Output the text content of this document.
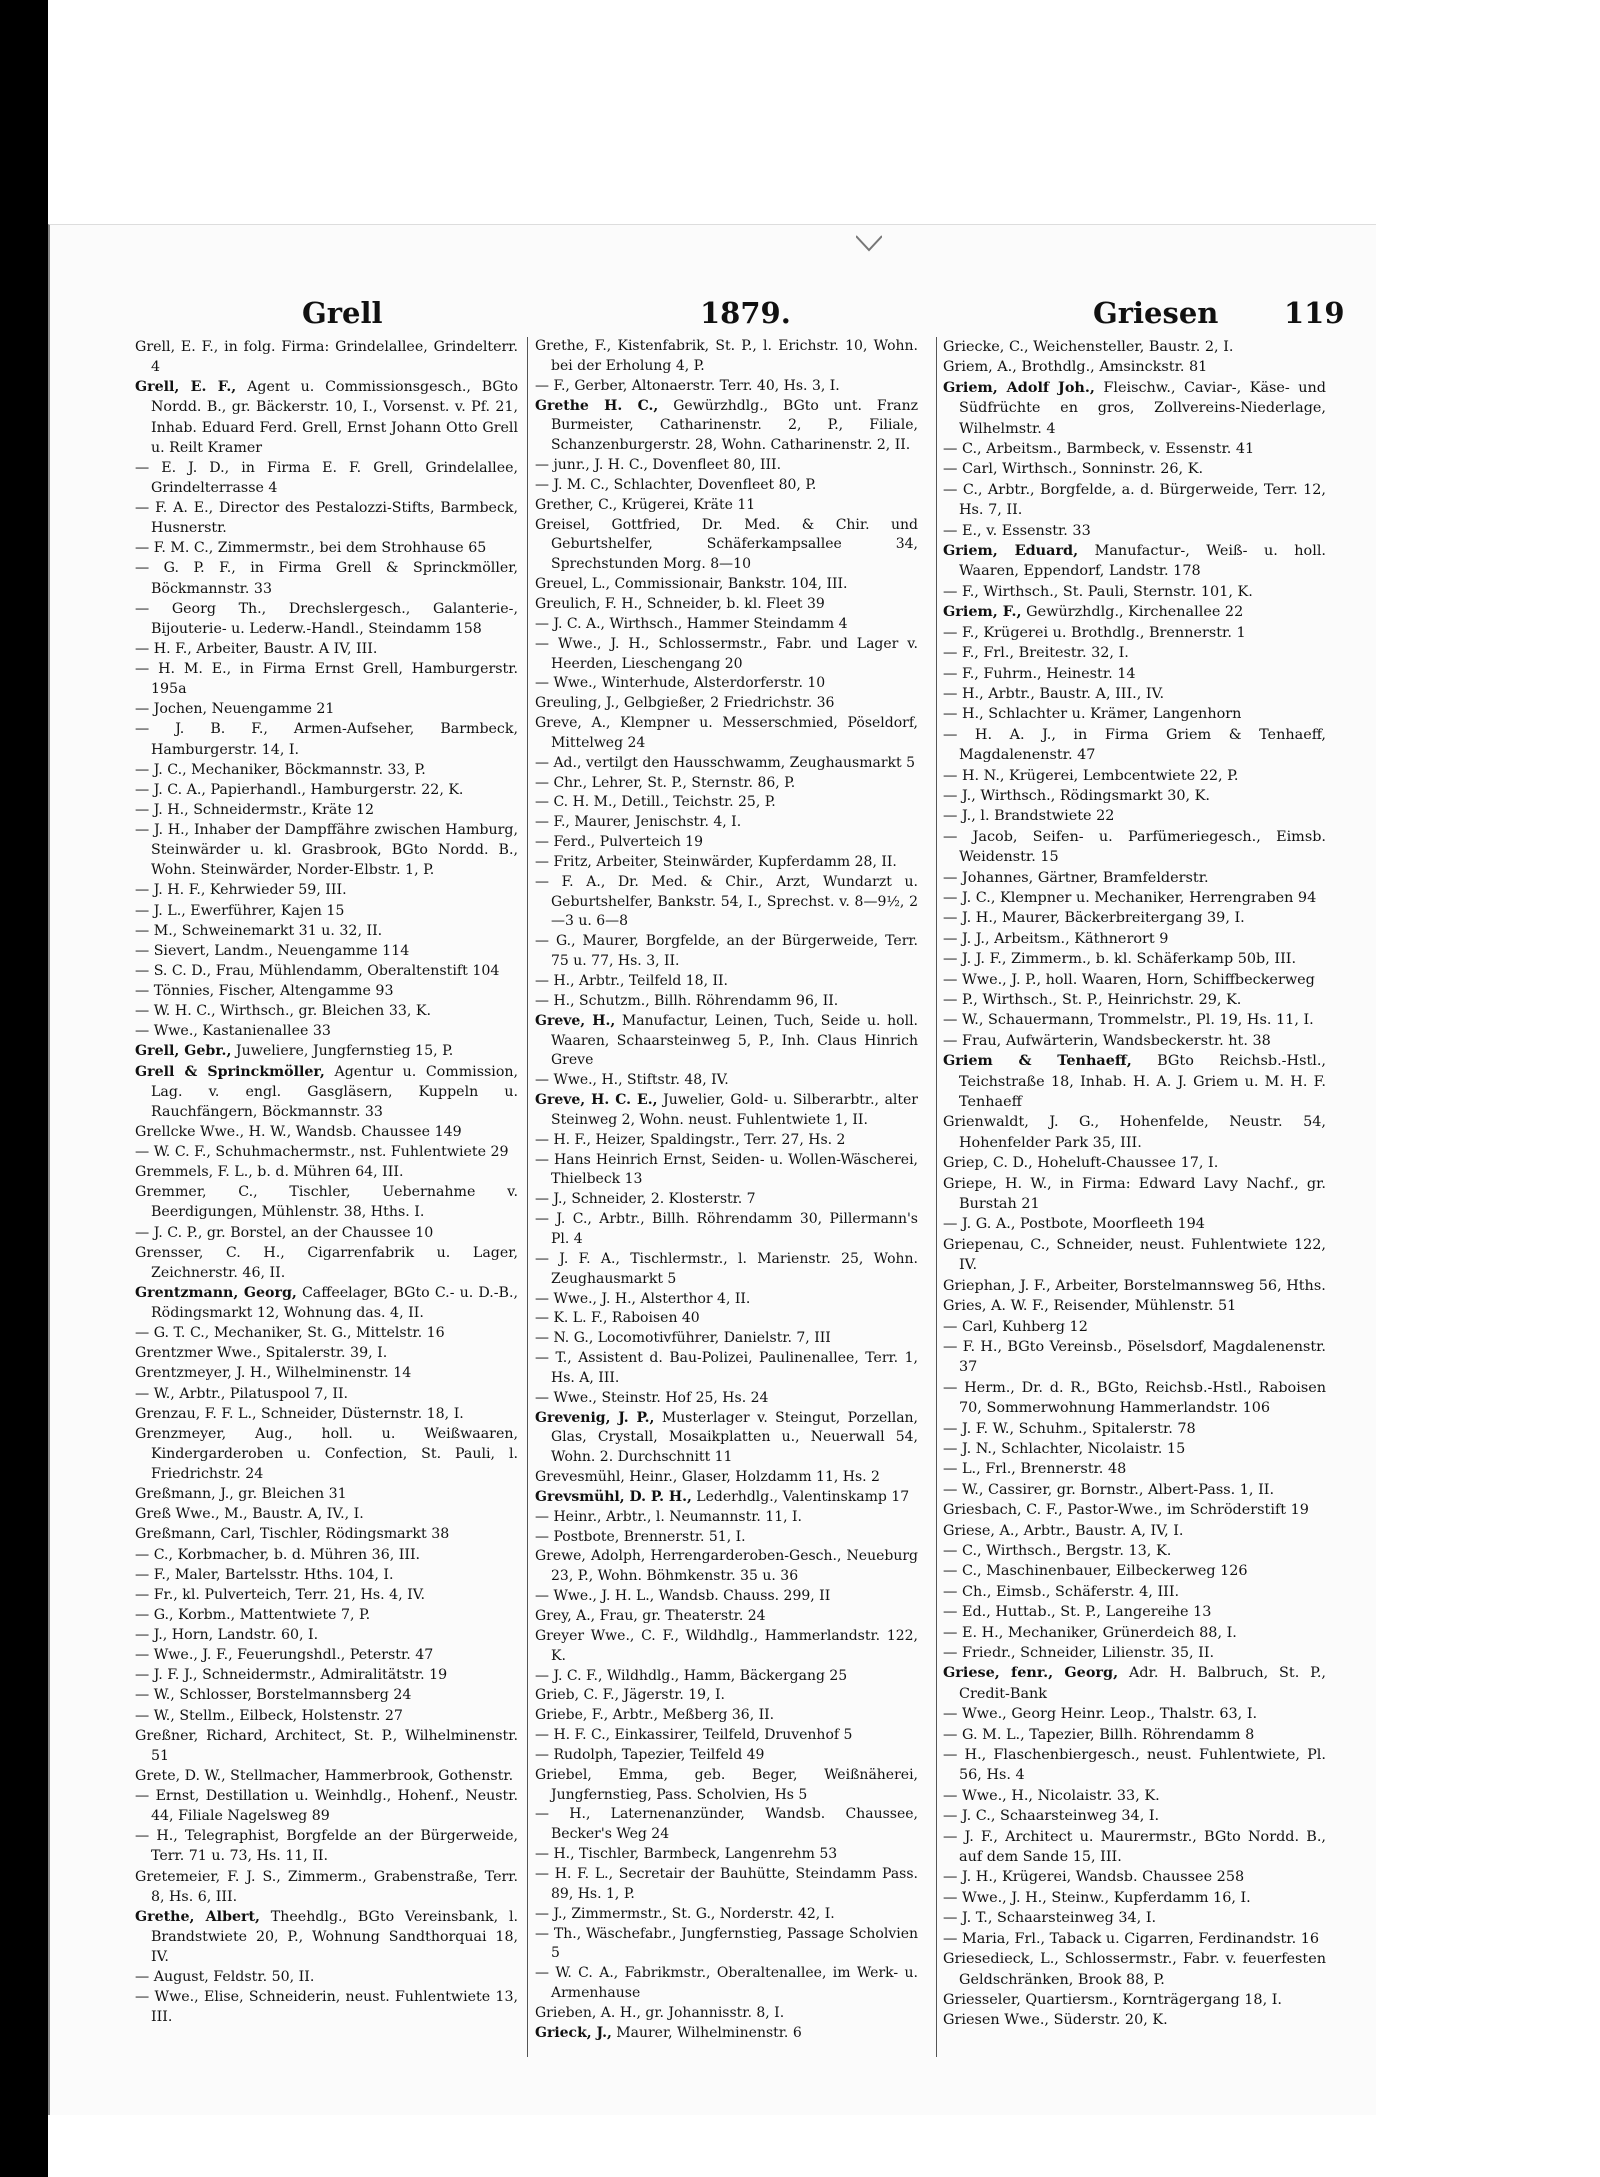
Grell	1879.	Griesen 119

Grell, E. F., in folg. Firma: Grindelallee, Grindelterr. 4

Grell, E. F., Agent u. Commissionsgesch., BGto Nordd. B., gr. Bäckerstr. 10, I., Vorsenst. v. Pf. 21, Inhab. Eduard Ferd. Grell, Ernst Johann Otto Grell u. Reilt Kramer

— E. J. D., in Firma E. F. Grell, Grindelallee, Grindelterrasse 4

— F. A. E., Director des Pestalozzi-Stifts, Barmbeck, Husnerstr.

— F. M. C., Zimmermstr., bei dem Strohhause 65

— G. P. F., in Firma Grell & Sprinckmöller, Böckmannstr. 33

— Georg Th., Drechslergesch., Galanterie-, Bijouterie- u. Lederw.-Handl., Steindamm 158

— H. F., Arbeiter, Baustr. A IV, III.

— H. M. E., in Firma Ernst Grell, Hamburgerstr. 195a

— Jochen, Neuengamme 21

— J. B. F., Armen-Aufseher, Barmbeck, Hamburgerstr. 14, I.

— J. C., Mechaniker, Böckmannstr. 33, P.

— J. C. A., Papierhandl., Hamburgerstr. 22, K.

— J. H., Schneidermstr., Kräte 12

— J. H., Inhaber der Dampffähre zwischen Hamburg, Steinwärder u. kl. Grasbrook, BGto Nordd. B., Wohn. Steinwärder, Norder-Elbstr. 1, P.

— J. H. F., Kehrwieder 59, III.

— J. L., Ewerführer, Kajen 15

— M., Schweinemarkt 31 u. 32, II.

— Sievert, Landm., Neuengamme 114

— S. C. D., Frau, Mühlendamm, Oberaltenstift 104

— Tönnies, Fischer, Altengamme 93

— W. H. C., Wirthsch., gr. Bleichen 33, K.

— Wwe., Kastanienallee 33

Grell, Gebr., Juweliere, Jungfernstieg 15, P.

Grell & Sprinckmöller, Agentur u. Commission, Lag. v. engl. Gasgläsern, Kuppeln u. Rauchfängern, Böckmannstr. 33

Grellcke Wwe., H. W., Wandsb. Chaussee 149

— W. C. F., Schuhmachermstr., nst. Fuhlentwiete 29

Gremmels, F. L., b. d. Mühren 64, III.

Gremmer, C., Tischler, Uebernahme v. Beerdigungen, Mühlenstr. 38, Hths. I.

— J. C. P., gr. Borstel, an der Chaussee 10

Grensser, C. H., Cigarrenfabrik u. Lager, Zeichnerstr. 46, II.

Grentzmann, Georg, Caffeelager, BGto C.- u. D.-B., Rödingsmarkt 12, Wohnung das. 4, II.

— G. T. C., Mechaniker, St. G., Mittelstr. 16

Grentzmer Wwe., Spitalerstr. 39, I.

Grentzmeyer, J. H., Wilhelminenstr. 14

— W., Arbtr., Pilatuspool 7, II.

Grenzau, F. F. L., Schneider, Düsternstr. 18, I.

Grenzmeyer, Aug., holl. u. Weißwaaren, Kindergarderoben u. Confection, St. Pauli, l. Friedrichstr. 24

Greßmann, J., gr. Bleichen 31

Greß Wwe., M., Baustr. A, IV., I.

Greßmann, Carl, Tischler, Rödingsmarkt 38

— C., Korbmacher, b. d. Mühren 36, III.

— F., Maler, Bartelsstr. Hths. 104, I.

— Fr., kl. Pulverteich, Terr. 21, Hs. 4, IV.

— G., Korbm., Mattentwiete 7, P.

— J., Horn, Landstr. 60, I.

— Wwe., J. F., Feuerungshdl., Peterstr. 47

— J. F. J., Schneidermstr., Admiralitätstr. 19

— W., Schlosser, Borstelmannsberg 24

— W., Stellm., Eilbeck, Holstenstr. 27

Greßner, Richard, Architect, St. P., Wilhelminenstr. 51

Grete, D. W., Stellmacher, Hammerbrook, Gothenstr.

— Ernst, Destillation u. Weinhdlg., Hohenf., Neustr. 44, Filiale Nagelsweg 89

— H., Telegraphist, Borgfelde an der Bürgerweide, Terr. 71 u. 73, Hs. 11, II.

Gretemeier, F. J. S., Zimmerm., Grabenstraße, Terr. 8, Hs. 6, III.

Grethe, Albert, Theehdlg., BGto Vereinsbank, l. Brandstwiete 20, P., Wohnung Sandthorquai 18, IV.

— August, Feldstr. 50, II.

— Wwe., Elise, Schneiderin, neust. Fuhlentwiete 13, III.

Grethe, F., Kistenfabrik, St. P., l. Erichstr. 10, Wohn. bei der Erholung 4, P.

— F., Gerber, Altonaerstr. Terr. 40, Hs. 3, I.

Grethe H. C., Gewürzhdlg., BGto unt. Franz Burmeister, Catharinenstr. 2, P., Filiale, Schanzenburgerstr. 28, Wohn. Catharinenstr. 2, II.

— junr., J. H. C., Dovenfleet 80, III.

— J. M. C., Schlachter, Dovenfleet 80, P.

Grether, C., Krügerei, Kräte 11

Greisel, Gottfried, Dr. Med. & Chir. und Geburtshelfer, Schäferkampsallee 34, Sprechstunden Morg. 8—10

Greuel, L., Commissionair, Bankstr. 104, III.

Greulich, F. H., Schneider, b. kl. Fleet 39

— J. C. A., Wirthsch., Hammer Steindamm 4

— Wwe., J. H., Schlossermstr., Fabr. und Lager v. Heerden, Lieschengang 20

— Wwe., Winterhude, Alsterdorferstr. 10

Greuling, J., Gelbgießer, 2 Friedrichstr. 36

Greve, A., Klempner u. Messerschmied, Pöseldorf, Mittelweg 24

— Ad., vertilgt den Hausschwamm, Zeughausmarkt 5

— Chr., Lehrer, St. P., Sternstr. 86, P.

— C. H. M., Detill., Teichstr. 25, P.

— F., Maurer, Jenischstr. 4, I.

— Ferd., Pulverteich 19

— Fritz, Arbeiter, Steinwärder, Kupferdamm 28, II.

— F. A., Dr. Med. & Chir., Arzt, Wundarzt u. Geburtshelfer, Bankstr. 54, I., Sprechst. v. 8—9½, 2—3 u. 6—8

— G., Maurer, Borgfelde, an der Bürgerweide, Terr. 75 u. 77, Hs. 3, II.

— H., Arbtr., Teilfeld 18, II.

— H., Schutzm., Billh. Röhrendamm 96, II.

Greve, H., Manufactur, Leinen, Tuch, Seide u. holl. Waaren, Schaarsteinweg 5, P., Inh. Claus Hinrich Greve

— Wwe., H., Stiftstr. 48, IV.

Greve, H. C. E., Juwelier, Gold- u. Silberarbtr., alter Steinweg 2, Wohn. neust. Fuhlentwiete 1, II.

— H. F., Heizer, Spaldingstr., Terr. 27, Hs. 2

— Hans Heinrich Ernst, Seiden- u. Wollen-Wäscherei, Thielbeck 13

— J., Schneider, 2. Klosterstr. 7

— J. C., Arbtr., Billh. Röhrendamm 30, Pillermann's Pl. 4

— J. F. A., Tischlermstr., l. Marienstr. 25, Wohn. Zeughausmarkt 5

— Wwe., J. H., Alsterthor 4, II.

— K. L. F., Raboisen 40

— N. G., Locomotivführer, Danielstr. 7, III

— T., Assistent d. Bau-Polizei, Paulinenallee, Terr. 1, Hs. A, III.

— Wwe., Steinstr. Hof 25, Hs. 24

Grevenig, J. P., Musterlager v. Steingut, Porzellan, Glas, Crystall, Mosaikplatten u., Neuerwall 54, Wohn. 2. Durchschnitt 11

Grevesmühl, Heinr., Glaser, Holzdamm 11, Hs. 2

Grevsmühl, D. P. H., Lederhdlg., Valentinskamp 17

— Heinr., Arbtr., l. Neumannstr. 11, I.

— Postbote, Brennerstr. 51, I.

Grewe, Adolph, Herrengarderoben-Gesch., Neueburg 23, P., Wohn. Böhmkenstr. 35 u. 36

— Wwe., J. H. L., Wandsb. Chauss. 299, II

Grey, A., Frau, gr. Theaterstr. 24

Greyer Wwe., C. F., Wildhdlg., Hammerlandstr. 122, K.

— J. C. F., Wildhdlg., Hamm, Bäckergang 25

Grieb, C. F., Jägerstr. 19, I.

Griebe, F., Arbtr., Meßberg 36, II.

— H. F. C., Einkassirer, Teilfeld, Druvenhof 5

— Rudolph, Tapezier, Teilfeld 49

Griebel, Emma, geb. Beger, Weißnäherei, Jungfernstieg, Pass. Scholvien, Hs 5

— H., Laternenanzünder, Wandsb. Chaussee, Becker's Weg 24

— H., Tischler, Barmbeck, Langenrehm 53

— H. F. L., Secretair der Bauhütte, Steindamm Pass. 89, Hs. 1, P.

— J., Zimmermstr., St. G., Norderstr. 42, I.

— Th., Wäschefabr., Jungfernstieg, Passage Scholvien 5

— W. C. A., Fabrikmstr., Oberaltenallee, im Werk- u. Armenhause

Grieben, A. H., gr. Johannisstr. 8, I.

Grieck, J., Maurer, Wilhelminenstr. 6

Griecke, C., Weichensteller, Baustr. 2, I.

Griem, A., Brothdlg., Amsinckstr. 81

Griem, Adolf Joh., Fleischw., Caviar-, Käse- und Südfrüchte en gros, Zollvereins-Niederlage, Wilhelmstr. 4

— C., Arbeitsm., Barmbeck, v. Essenstr. 41

— Carl, Wirthsch., Sonninstr. 26, K.

— C., Arbtr., Borgfelde, a. d. Bürgerweide, Terr. 12, Hs. 7, II.

— E., v. Essenstr. 33

Griem, Eduard, Manufactur-, Weiß- u. holl. Waaren, Eppendorf, Landstr. 178

— F., Wirthsch., St. Pauli, Sternstr. 101, K.

Griem, F., Gewürzhdlg., Kirchenallee 22

— F., Krügerei u. Brothdlg., Brennerstr. 1

— F., Frl., Breitestr. 32, I.

— F., Fuhrm., Heinestr. 14

— H., Arbtr., Baustr. A, III., IV.

— H., Schlachter u. Krämer, Langenhorn

— H. A. J., in Firma Griem & Tenhaeff, Magdalenenstr. 47

— H. N., Krügerei, Lembcentwiete 22, P.

— J., Wirthsch., Rödingsmarkt 30, K.

— J., l. Brandstwiete 22

— Jacob, Seifen- u. Parfümeriegesch., Eimsb. Weidenstr. 15

— Johannes, Gärtner, Bramfelderstr.

— J. C., Klempner u. Mechaniker, Herrengraben 94

— J. H., Maurer, Bäckerbreitergang 39, I.

— J. J., Arbeitsm., Käthnerort 9

— J. J. F., Zimmerm., b. kl. Schäferkamp 50b, III.

— Wwe., J. P., holl. Waaren, Horn, Schiffbeckerweg

— P., Wirthsch., St. P., Heinrichstr. 29, K.

— W., Schauermann, Trommelstr., Pl. 19, Hs. 11, I.

— Frau, Aufwärterin, Wandsbeckerstr. ht. 38

Griem & Tenhaeff, BGto Reichsb.-Hstl., Teichstraße 18, Inhab. H. A. J. Griem u. M. H. F. Tenhaeff

Grienwaldt, J. G., Hohenfelde, Neustr. 54, Hohenfelder Park 35, III.

Griep, C. D., Hoheluft-Chaussee 17, I.

Griepe, H. W., in Firma: Edward Lavy Nachf., gr. Burstah 21

— J. G. A., Postbote, Moorfleeth 194

Griepenau, C., Schneider, neust. Fuhlentwiete 122, IV.

Griephan, J. F., Arbeiter, Borstelmannsweg 56, Hths.

Gries, A. W. F., Reisender, Mühlenstr. 51

— Carl, Kuhberg 12

— F. H., BGto Vereinsb., Pöselsdorf, Magdalenenstr. 37

— Herm., Dr. d. R., BGto, Reichsb.-Hstl., Raboisen 70, Sommerwohnung Hammerlandstr. 106

— J. F. W., Schuhm., Spitalerstr. 78

— J. N., Schlachter, Nicolaistr. 15

— L., Frl., Brennerstr. 48

— W., Cassirer, gr. Bornstr., Albert-Pass. 1, II.

Griesbach, C. F., Pastor-Wwe., im Schröderstift 19

Griese, A., Arbtr., Baustr. A, IV, I.

— C., Wirthsch., Bergstr. 13, K.

— C., Maschinenbauer, Eilbeckerweg 126

— Ch., Eimsb., Schäferstr. 4, III.

— Ed., Huttab., St. P., Langereihe 13

— E. H., Mechaniker, Grünerdeich 88, I.

— Friedr., Schneider, Lilienstr. 35, II.

Griese, fenr., Georg, Adr. H. Balbruch, St. P., Credit-Bank

— Wwe., Georg Heinr. Leop., Thalstr. 63, I.

— G. M. L., Tapezier, Billh. Röhrendamm 8

— H., Flaschenbiergesch., neust. Fuhlentwiete, Pl. 56, Hs. 4

— Wwe., H., Nicolaistr. 33, K.

— J. C., Schaarsteinweg 34, I.

— J. F., Architect u. Maurermstr., BGto Nordd. B., auf dem Sande 15, III.

— J. H., Krügerei, Wandsb. Chaussee 258

— Wwe., J. H., Steinw., Kupferdamm 16, I.

— J. T., Schaarsteinweg 34, I.

— Maria, Frl., Taback u. Cigarren, Ferdinandstr. 16

Griesedieck, L., Schlossermstr., Fabr. v. feuerfesten Geldschränken, Brook 88, P.

Griesseler, Quartiersm., Kornträgergang 18, I.

Griesen Wwe., Süderstr. 20, K.
